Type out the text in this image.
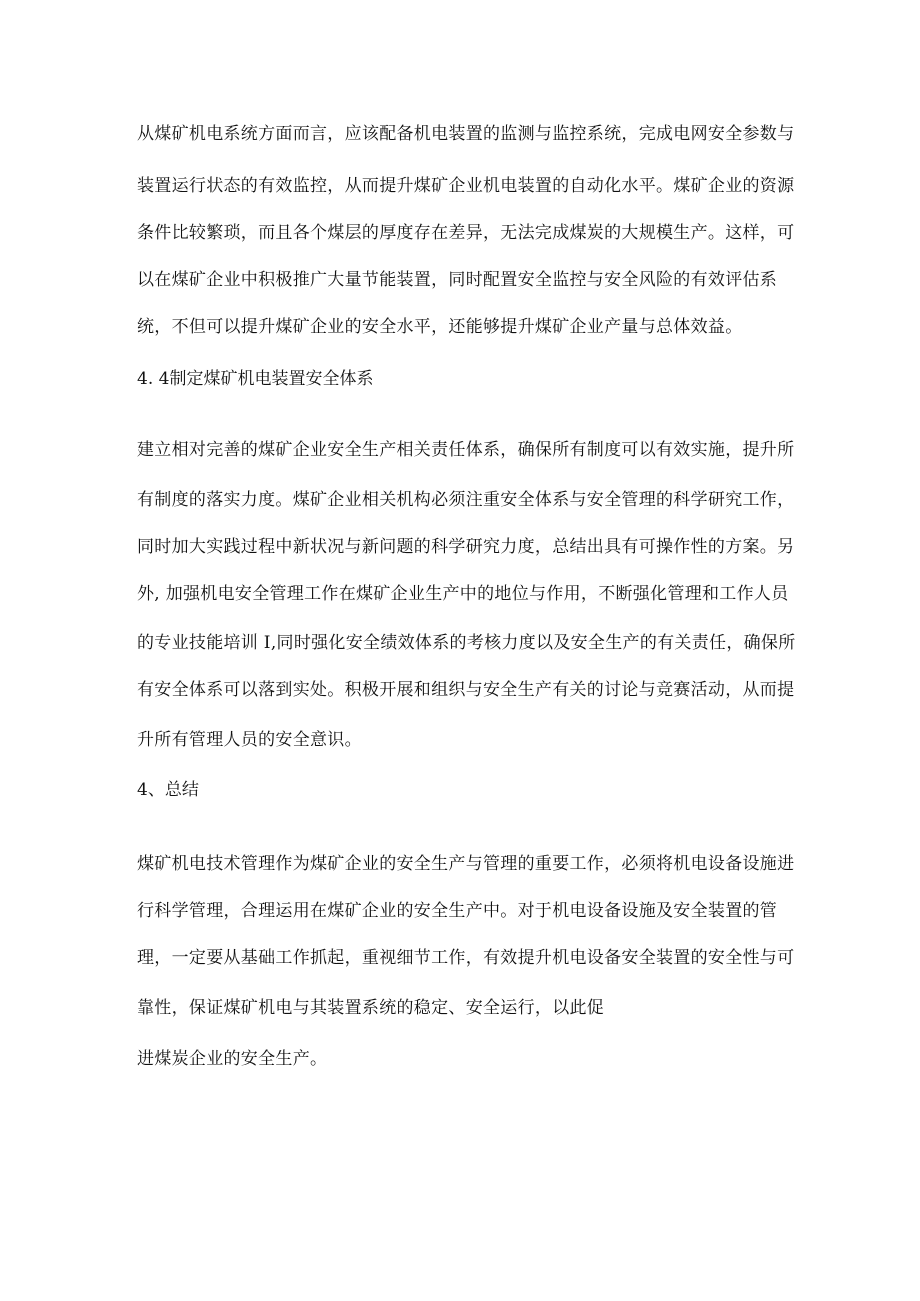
从煤矿机电系统方面而言，应该配备机电装置的监测与监控系统，完成电网安全参数与
装置运行状态的有效监控，从而提升煤矿企业机电装置的自动化水平。煤矿企业的资源
条件比较繁琐，而且各个煤层的厚度存在差异，无法完成煤炭的大规模生产。这样，可
以在煤矿企业中积极推广大量节能装置，同时配置安全监控与安全风险的有效评估系
统，不但可以提升煤矿企业的安全水平，还能够提升煤矿企业产量与总体效益。
4. 4制定煤矿机电装置安全体系
建立相对完善的煤矿企业安全生产相关责任体系，确保所有制度可以有效实施，提升所
有制度的落实力度。煤矿企业相关机构必须注重安全体系与安全管理的科学研究工作，
同时加大实践过程中新状况与新问题的科学研究力度，总结出具有可操作性的方案。另
外, 加强机电安全管理工作在煤矿企业生产中的地位与作用，不断强化管理和工作人员
的专业技能培训 I,同时强化安全绩效体系的考核力度以及安全生产的有关责任，确保所
有安全体系可以落到实处。积极开展和组织与安全生产有关的讨论与竞赛活动，从而提
升所有管理人员的安全意识。
4、总结
煤矿机电技术管理作为煤矿企业的安全生产与管理的重要工作，必须将机电设备设施进
行科学管理，合理运用在煤矿企业的安全生产中。对于机电设备设施及安全装置的管
理，一定要从基础工作抓起，重视细节工作，有效提升机电设备安全装置的安全性与可
靠性，保证煤矿机电与其装置系统的稳定、安全运行，以此促
进煤炭企业的安全生产。
